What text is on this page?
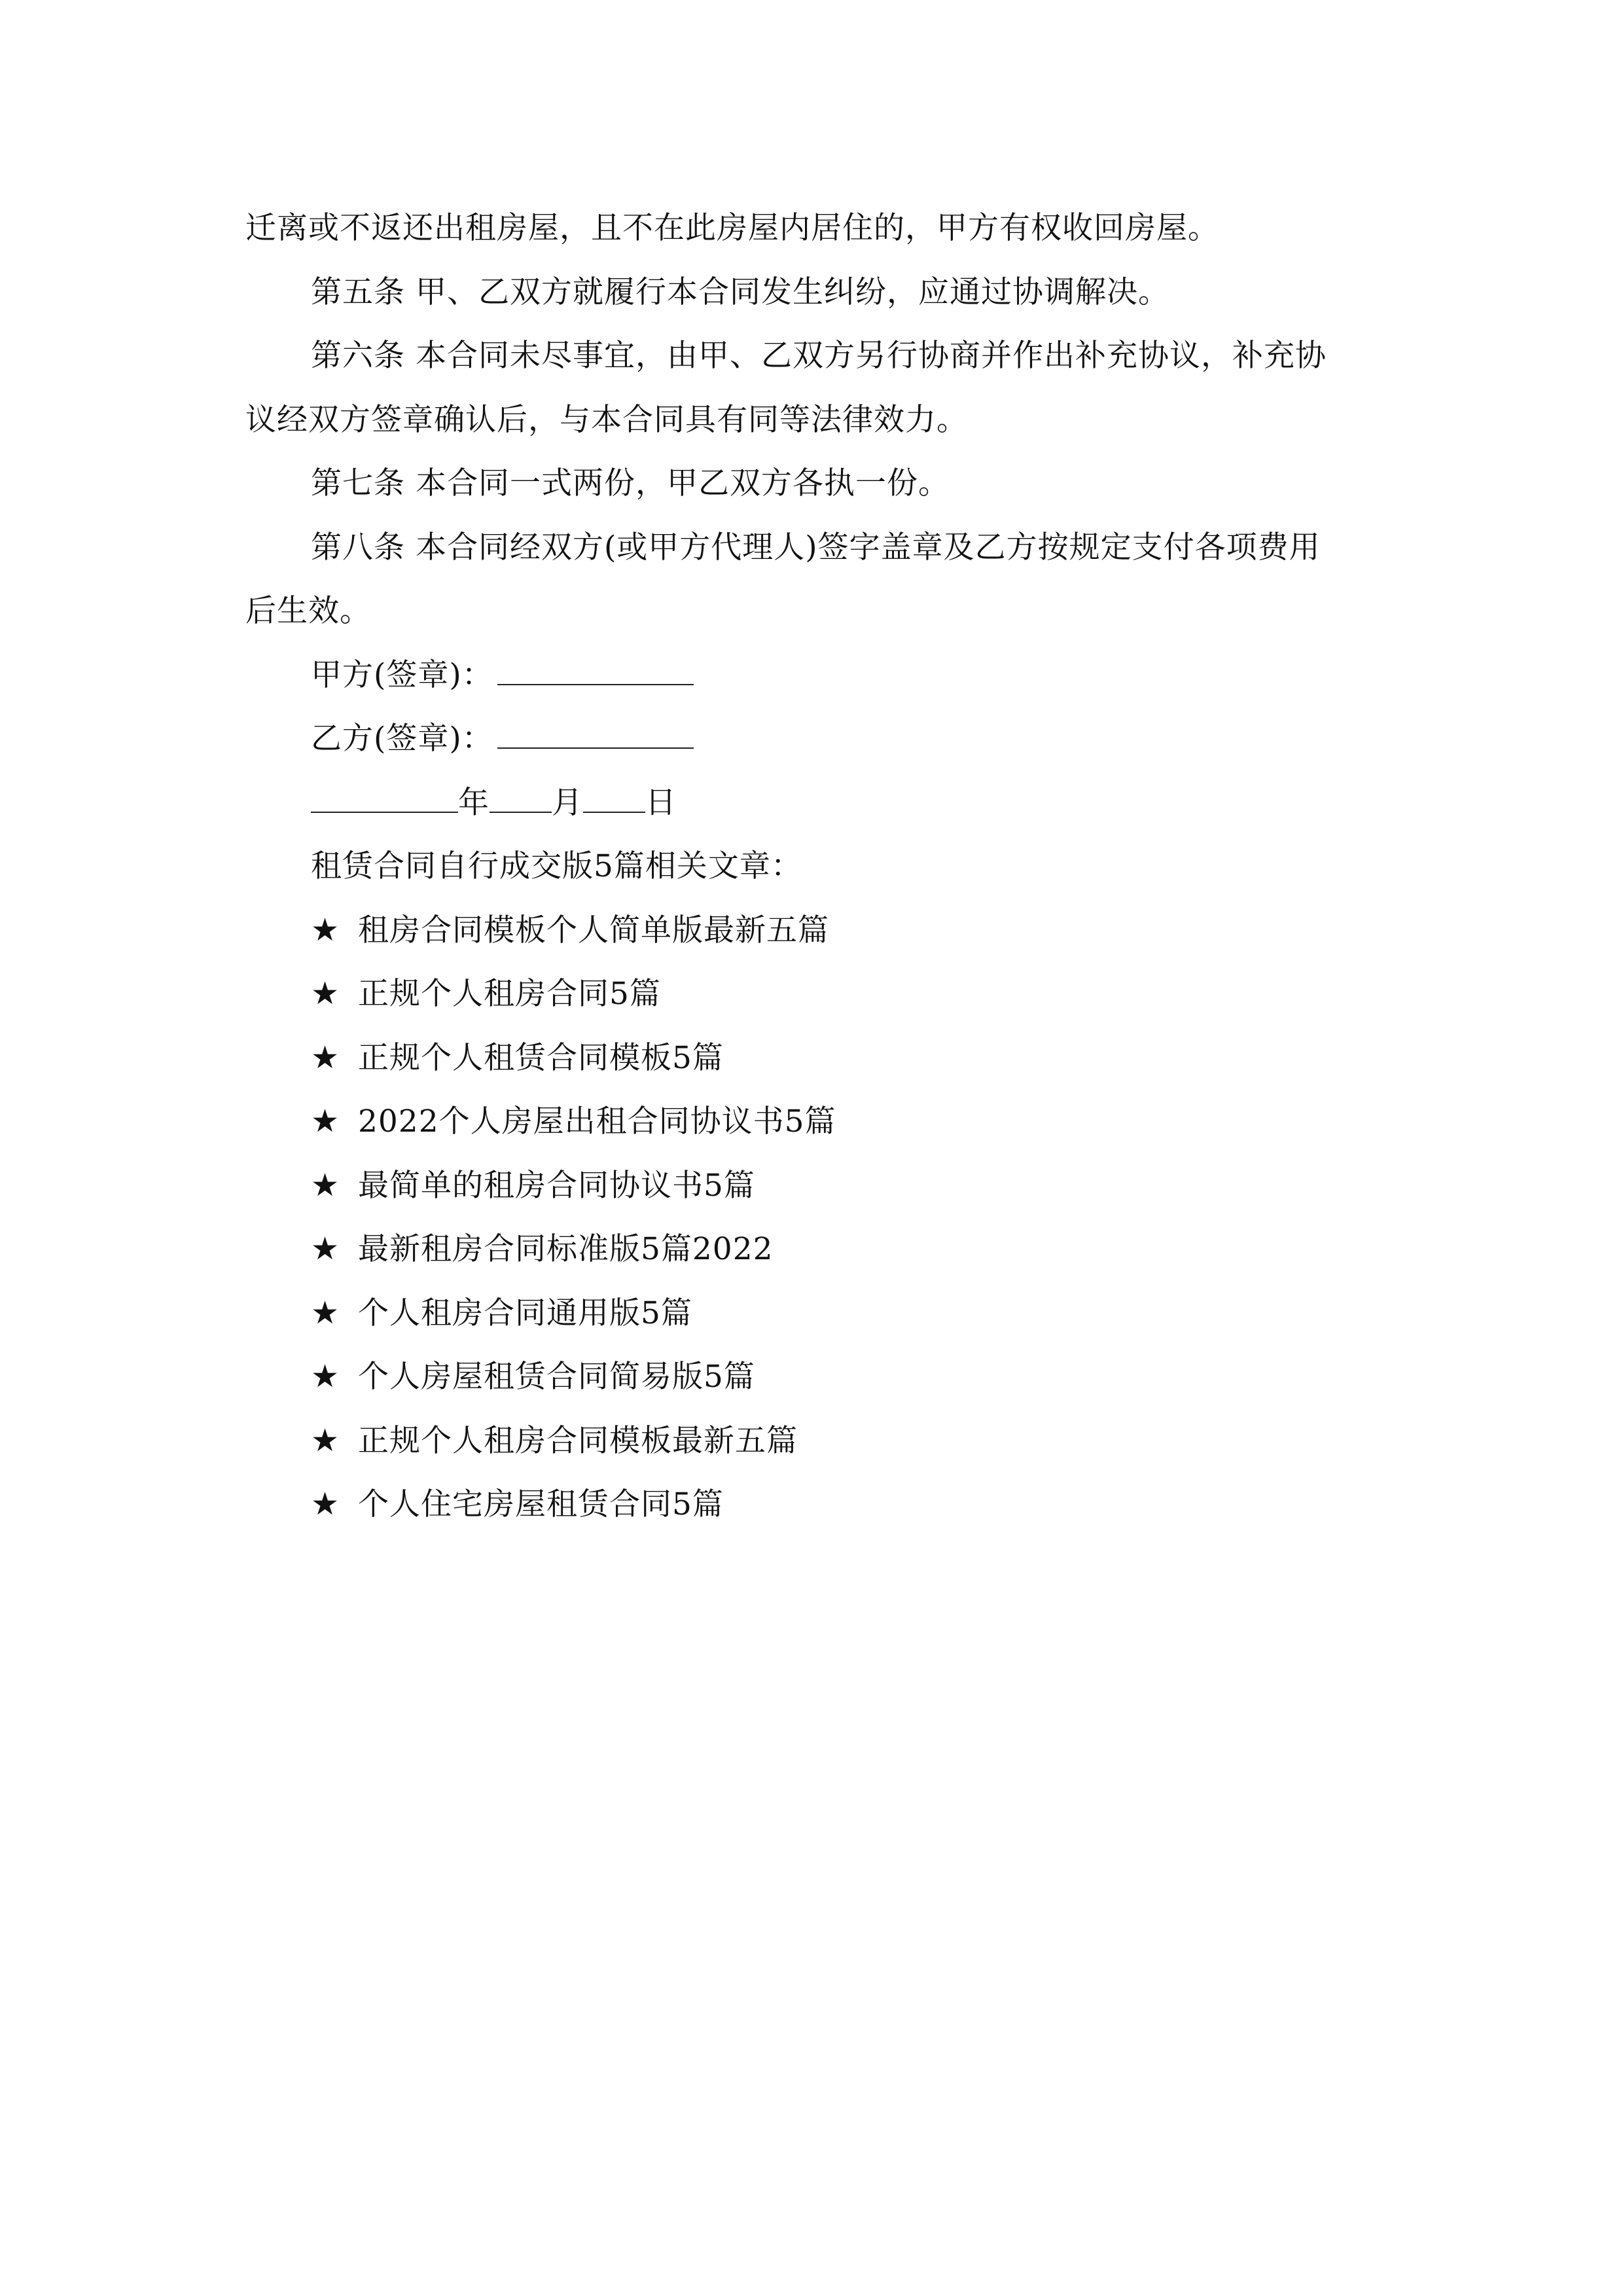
迁离或不返还出租房屋，且不在此房屋内居住的，甲方有权收回房屋。

第五条 甲、乙双方就履行本合同发生纠纷，应通过协调解决。

第六条 本合同未尽事宜，由甲、乙双方另行协商并作出补充协议，补充协

议经双方签章确认后，与本合同具有同等法律效力。

第七条 本合同一式两份，甲乙双方各执一份。

第八条 本合同经双方(或甲方代理人)签字盖章及乙方按规定支付各项费用

后生效。

甲方(签章)：

乙方(签章)：

年 月 日

租赁合同自行成交版5篇相关文章：

★ 租房合同模板个人简单版最新五篇

★ 正规个人租房合同5篇

★ 正规个人租赁合同模板5篇

★ 2022个人房屋出租合同协议书5篇

★ 最简单的租房合同协议书5篇

★ 最新租房合同标准版5篇2022

★ 个人租房合同通用版5篇

★ 个人房屋租赁合同简易版5篇

★ 正规个人租房合同模板最新五篇

★ 个人住宅房屋租赁合同5篇
